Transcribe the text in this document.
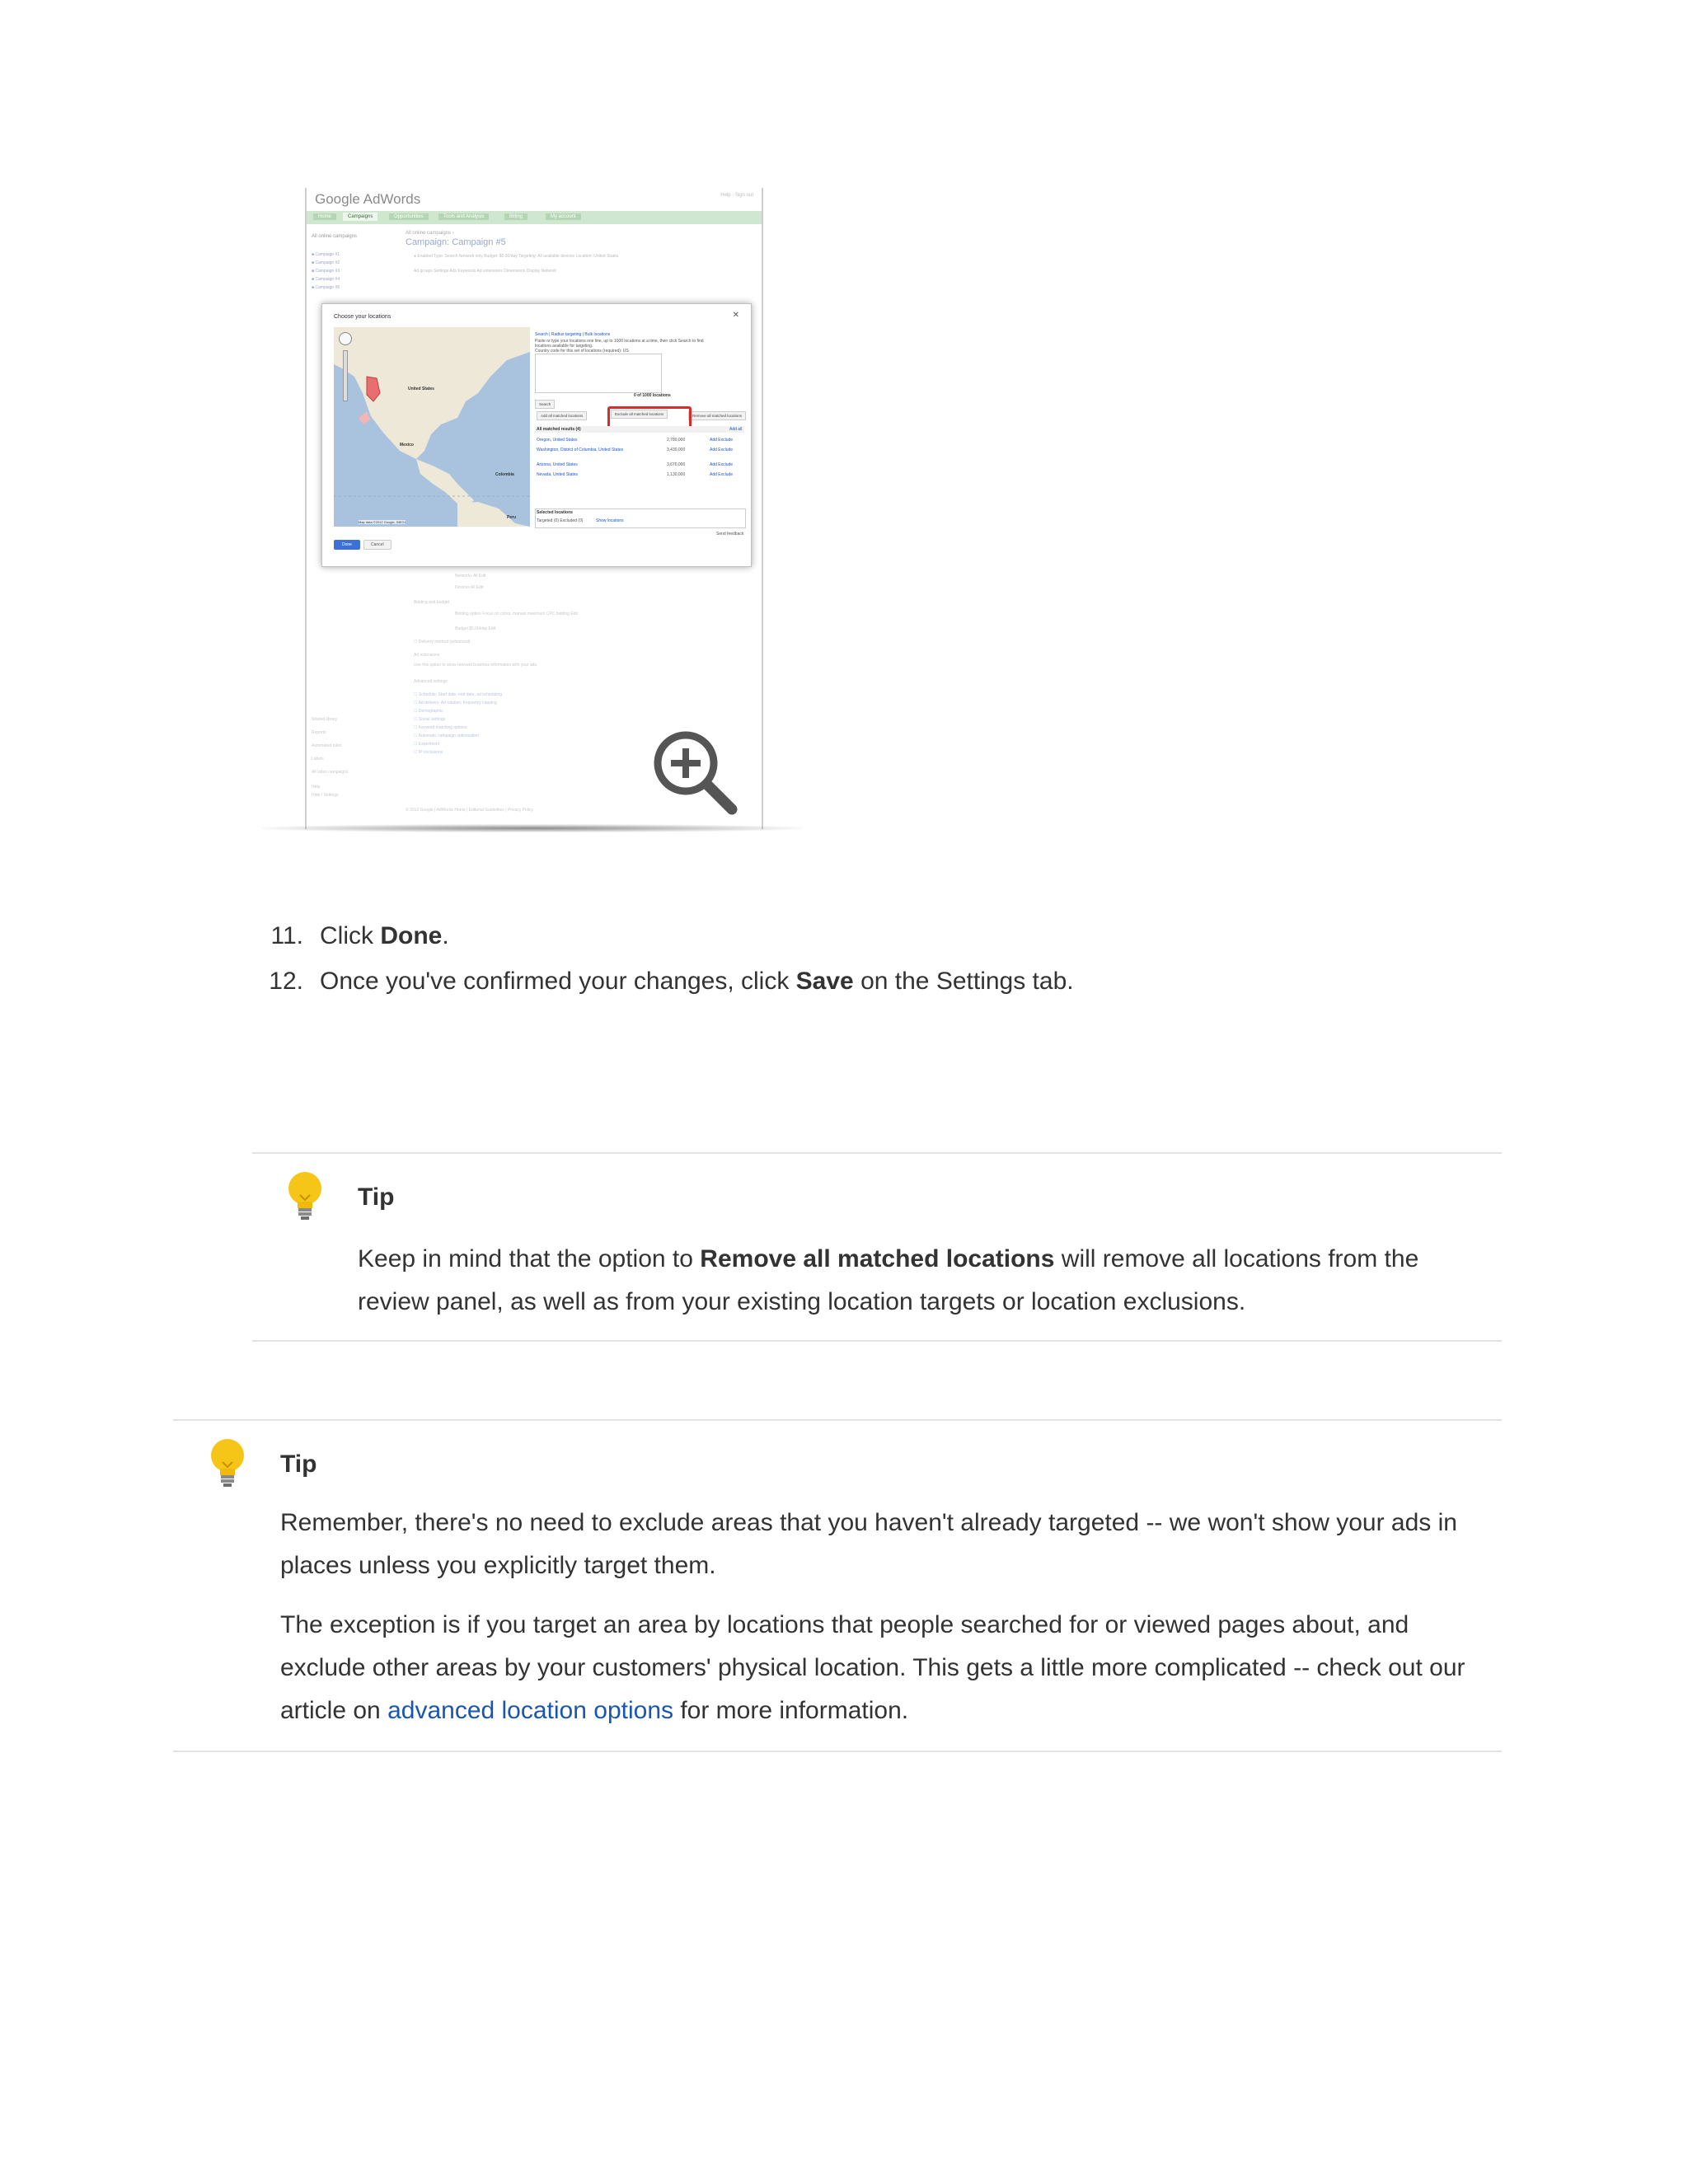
Google AdWords	Help · Sign out
Home	Campaigns	Opportunities	Tools and Analysis	Billing	My account
All online campaigns
■ Campaign #1
■ Campaign #2
■ Campaign #3
■ Campaign #4
■ Campaign #5
All online campaigns ›
Campaign: Campaign #5
● Enabled Type: Search Network only Budget: $5.00/day Targeting: All available devices Location: United States
Ad groups Settings Ads Keywords Ad extensions Dimensions Display Network
Networks All Edit
Devices All Edit
Bidding and budget
Bidding option Focus on clicks, manual maximum CPC bidding Edit
Budget $5.00/day Edit
☐ Delivery method (advanced)
Ad extensions
Use this option to show relevant business information with your ads.
Advanced settings
☐ Schedule: Start date, end date, ad scheduling
☐ Ad delivery: Ad rotation, frequency capping
☐ Demographic
☐ Social settings
☐ Keyword matching options
☐ Automatic campaign optimization
☐ Experiment
☐ IP exclusions
Shared library
Reports
Automated rules
Labels
All video campaigns
Help
Hide / Settings
© 2012 Google | AdWords Home | Editorial Guidelines | Privacy Policy
Choose your locations	✕
United States
Mexico
Colombia
Peru
Map data ©2012 Google, INEGI
Search | Radius targeting | Bulk locations
Paste or type your locations one line, up to 1000 locations at a time, then click Search to find
locations available for targeting.
Country code for this set of locations (required): US
0 of 1000 locations
Search
Add all matched locations	Exclude all matched locations	Remove all matched locations
All matched results (4)	Add all
Oregon, United States	2,780,000	Add Exclude
Washington, District of Columbia, United States	3,430,000	Add Exclude
Arizona, United States	3,670,000	Add Exclude
Nevada, United States	1,130,000	Add Exclude
Selected locations
Targeted (0) Excluded (0)	Show locations
Send feedback
Done	Cancel
11. Click Done.
12. Once you've confirmed your changes, click Save on the Settings tab.
Tip
Keep in mind that the option to Remove all matched locations will remove all locations from the review panel, as well as from your existing location targets or location exclusions.
Tip
Remember, there's no need to exclude areas that you haven't already targeted -- we won't show your ads in places unless you explicitly target them.
The exception is if you target an area by locations that people searched for or viewed pages about, and exclude other areas by your customers' physical location. This gets a little more complicated -- check out our article on advanced location options for more information.
